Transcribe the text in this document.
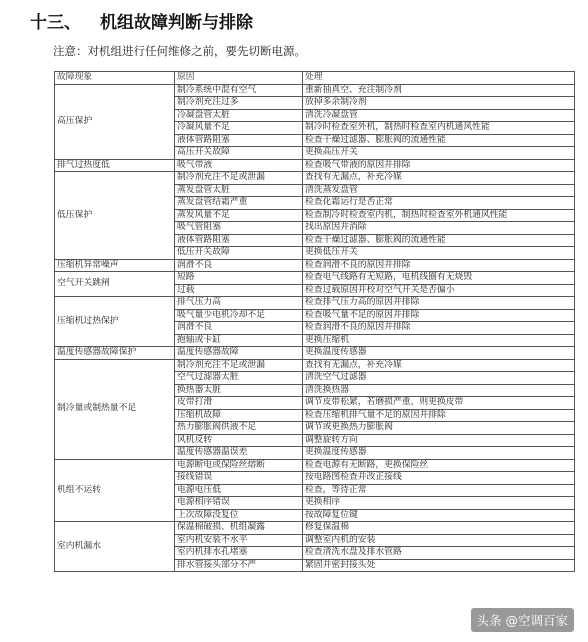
十三、 机组故障判断与排除
注意：对机组进行任何维修之前，要先切断电源。
故障现象	原因	处理
高压保护	制冷系统中混有空气	重新抽真空、充注制冷剂
	制冷剂充注过多	放掉多余制冷剂
	冷凝盘管太脏	清洗冷凝盘管
	冷凝风量不足	制冷时检查室外机，制热时检查室内机通风性能
	液体管路阻塞	检查干燥过滤器、膨胀阀的流通性能
	高压开关故障	更换高压开关
排气过热度低	吸气带液	检查吸气带液的原因并排除
低压保护	制冷剂充注不足或泄漏	查找有无漏点，补充冷媒
	蒸发盘管太脏	清洗蒸发盘管
	蒸发盘管结霜严重	检查化霜运行是否正常
	蒸发风量不足	检查制冷时检查室内机，制热时检查室外机通风性能
	吸气管阻塞	找出原因并消除
	液体管路阻塞	检查干燥过滤器、膨胀阀的流通性能
	低压开关故障	更换低压开关
压缩机异常噪声	润滑不良	检查润滑不良的原因并排除
空气开关跳闸	短路	检查电气线路有无短路，电机线圈有无烧毁
	过载	检查过载原因并校对空气开关是否偏小
压缩机过热保护	排气压力高	检查排气压力高的原因并排除
	吸气量少电机冷却不足	检查吸气量不足的原因并排除
	润滑不良	检查润滑不良的原因并排除
	抱轴或卡缸	更换压缩机
温度传感器故障保护	温度传感器故障	更换温度传感器
制冷量或制热量不足	制冷剂充注不足或泄漏	查找有无漏点，补充冷媒
	空气过滤器太脏	清洗空气过滤器
	换热器太脏	清洗换热器
	皮带打滑	调节皮带松紧，若磨损严重，则更换皮带
	压缩机故障	检查压缩机排气量不足的原因并排除
	热力膨胀阀供液不足	调节或更换热力膨胀阀
	风机反转	调整旋转方向
	温度传感器温误差	更换温度传感器
机组不运转	电源断电或保险丝熔断	检查电源有无断路，更换保险丝
	接线错误	按电路图检查并改正接线
	电源电压低	检查，等待正常
	电源相序错误	更换相序
	上次故障没复位	按故障复位键
室内机漏水	保温棉破损、机组凝露	修复保温棉
	室内机安装不水平	调整室内机的安装
	室内机排水孔堵塞	检查清洗水盘及排水管路
	排水管接头部分不严	紧固并密封接头处
头条 @空调百家
